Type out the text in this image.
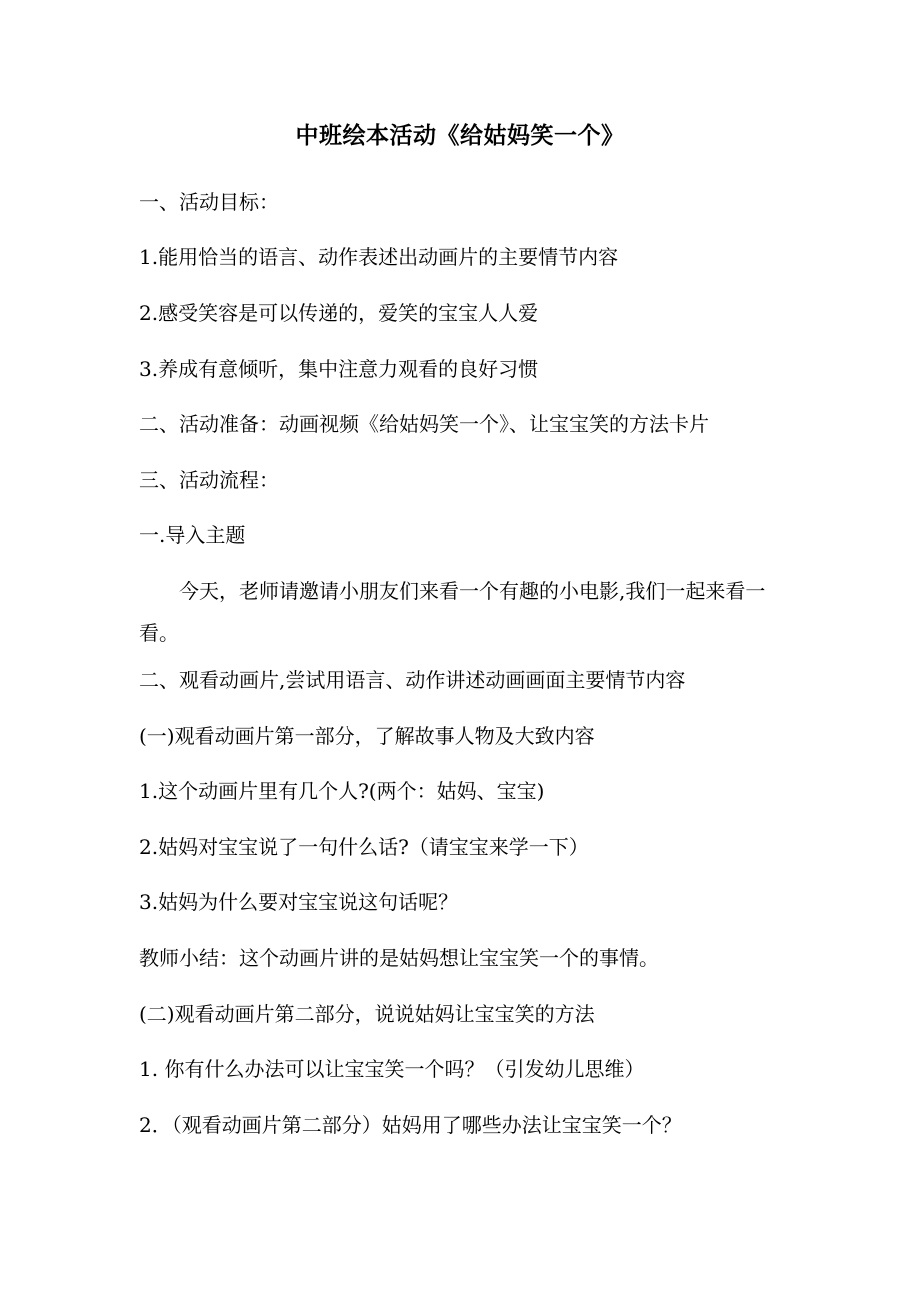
中班绘本活动《给姑妈笑一个》
一、活动目标：
1.能用恰当的语言、动作表述出动画片的主要情节内容
2.感受笑容是可以传递的，爱笑的宝宝人人爱
3.养成有意倾听，集中注意力观看的良好习惯
二、活动准备：动画视频《给姑妈笑一个》、让宝宝笑的方法卡片
三、活动流程：
一.导入主题
今天，老师请邀请小朋友们来看一个有趣的小电影,我们一起来看一看。
二、观看动画片,尝试用语言、动作讲述动画画面主要情节内容
(一)观看动画片第一部分，了解故事人物及大致内容
1.这个动画片里有几个人?(两个：姑妈、宝宝)
2.姑妈对宝宝说了一句什么话?（请宝宝来学一下）
3.姑妈为什么要对宝宝说这句话呢？
教师小结：这个动画片讲的是姑妈想让宝宝笑一个的事情。
(二)观看动画片第二部分，说说姑妈让宝宝笑的方法
1. 你有什么办法可以让宝宝笑一个吗？（引发幼儿思维）
2．（观看动画片第二部分）姑妈用了哪些办法让宝宝笑一个？
